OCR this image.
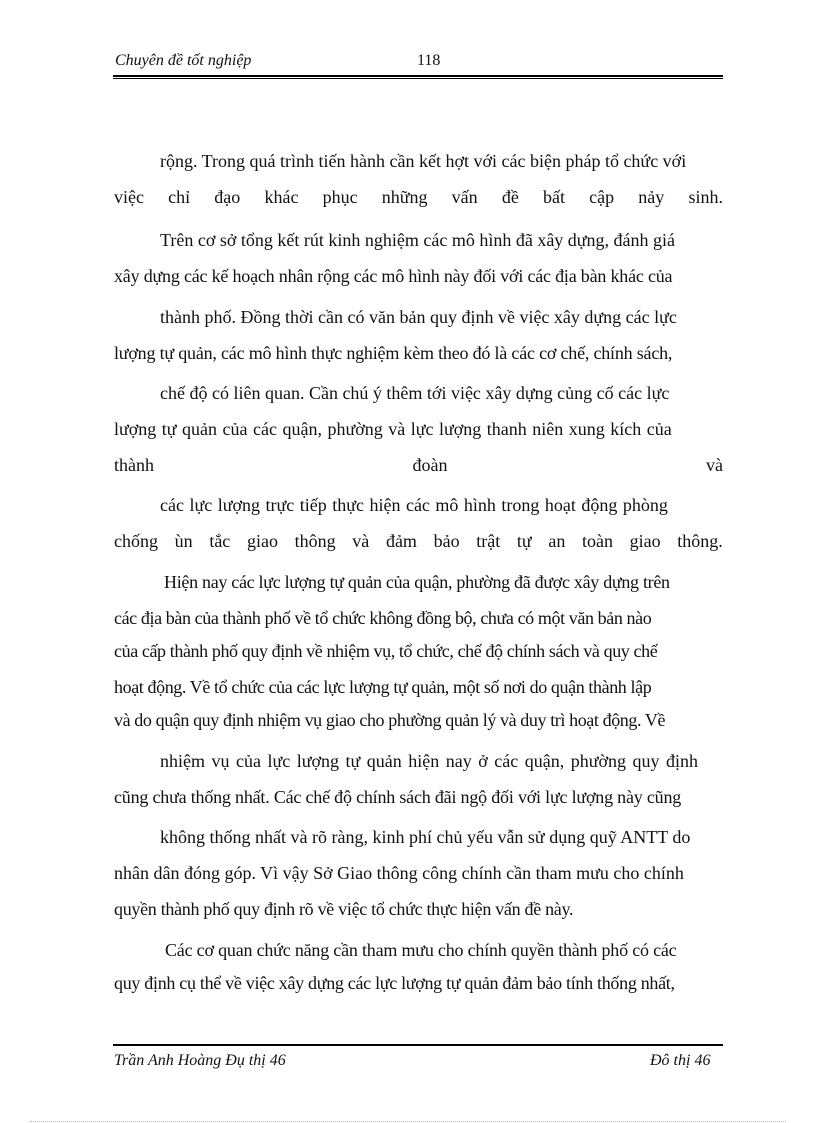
Chuyên đề tốt nghiệp	118
rộng. Trong quá trình tiến hành cần kết hợt với các biện pháp tổ chức với
việc chỉ đạo khác phục những vấn đề bất cập nảy sinh.
Trên cơ sở tổng kết rút kinh nghiệm các mô hình đã xây dựng, đánh giá
xây dựng các kế hoạch nhân rộng các mô hình này đối với các địa bàn khác của
thành phố. Đồng thời cần có văn bản quy định về việc xây dựng các lực
lượng tự quản, các mô hình thực nghiệm kèm theo đó là các cơ chế, chính sách,
chế độ có liên quan. Cần chú ý thêm tới việc xây dựng củng cố các lực
lượng tự quản của các quận, phường và lực lượng thanh niên xung kích của
thành	đoàn	và
các lực lượng trực tiếp thực hiện các mô hình trong hoạt động phòng
chống ùn tắc giao thông và đảm bảo trật tự an toàn giao thông.
Hiện nay các lực lượng tự quản của quận, phường đã được xây dựng trên
các địa bàn của thành phố về tổ chức không đồng bộ, chưa có một văn bản nào
của cấp thành phố quy định về nhiệm vụ, tổ chức, chế độ chính sách và quy chế
hoạt động. Về tổ chức của các lực lượng tự quản, một số nơi do quận thành lập
và do quận quy định nhiệm vụ giao cho phường quản lý và duy trì hoạt động. Về
nhiệm vụ của lực lượng tự quản hiện nay ở các quận, phường quy định
cũng chưa thống nhất. Các chế độ chính sách đãi ngộ đối với lực lượng này cũng
không thống nhất và rõ ràng, kinh phí chủ yếu vẫn sử dụng quỹ ANTT do
nhân dân đóng góp. Vì vậy Sở Giao thông công chính cần tham mưu cho chính
quyền thành phố quy định rõ về việc tổ chức thực hiện vấn đề này.
Các cơ quan chức năng cần tham mưu cho chính quyền thành phố có các
quy định cụ thể về việc xây dựng các lực lượng tự quản đảm bảo tính thống nhất,
Trần Anh Hoàng Đụ thị 46	Đô thị 46
